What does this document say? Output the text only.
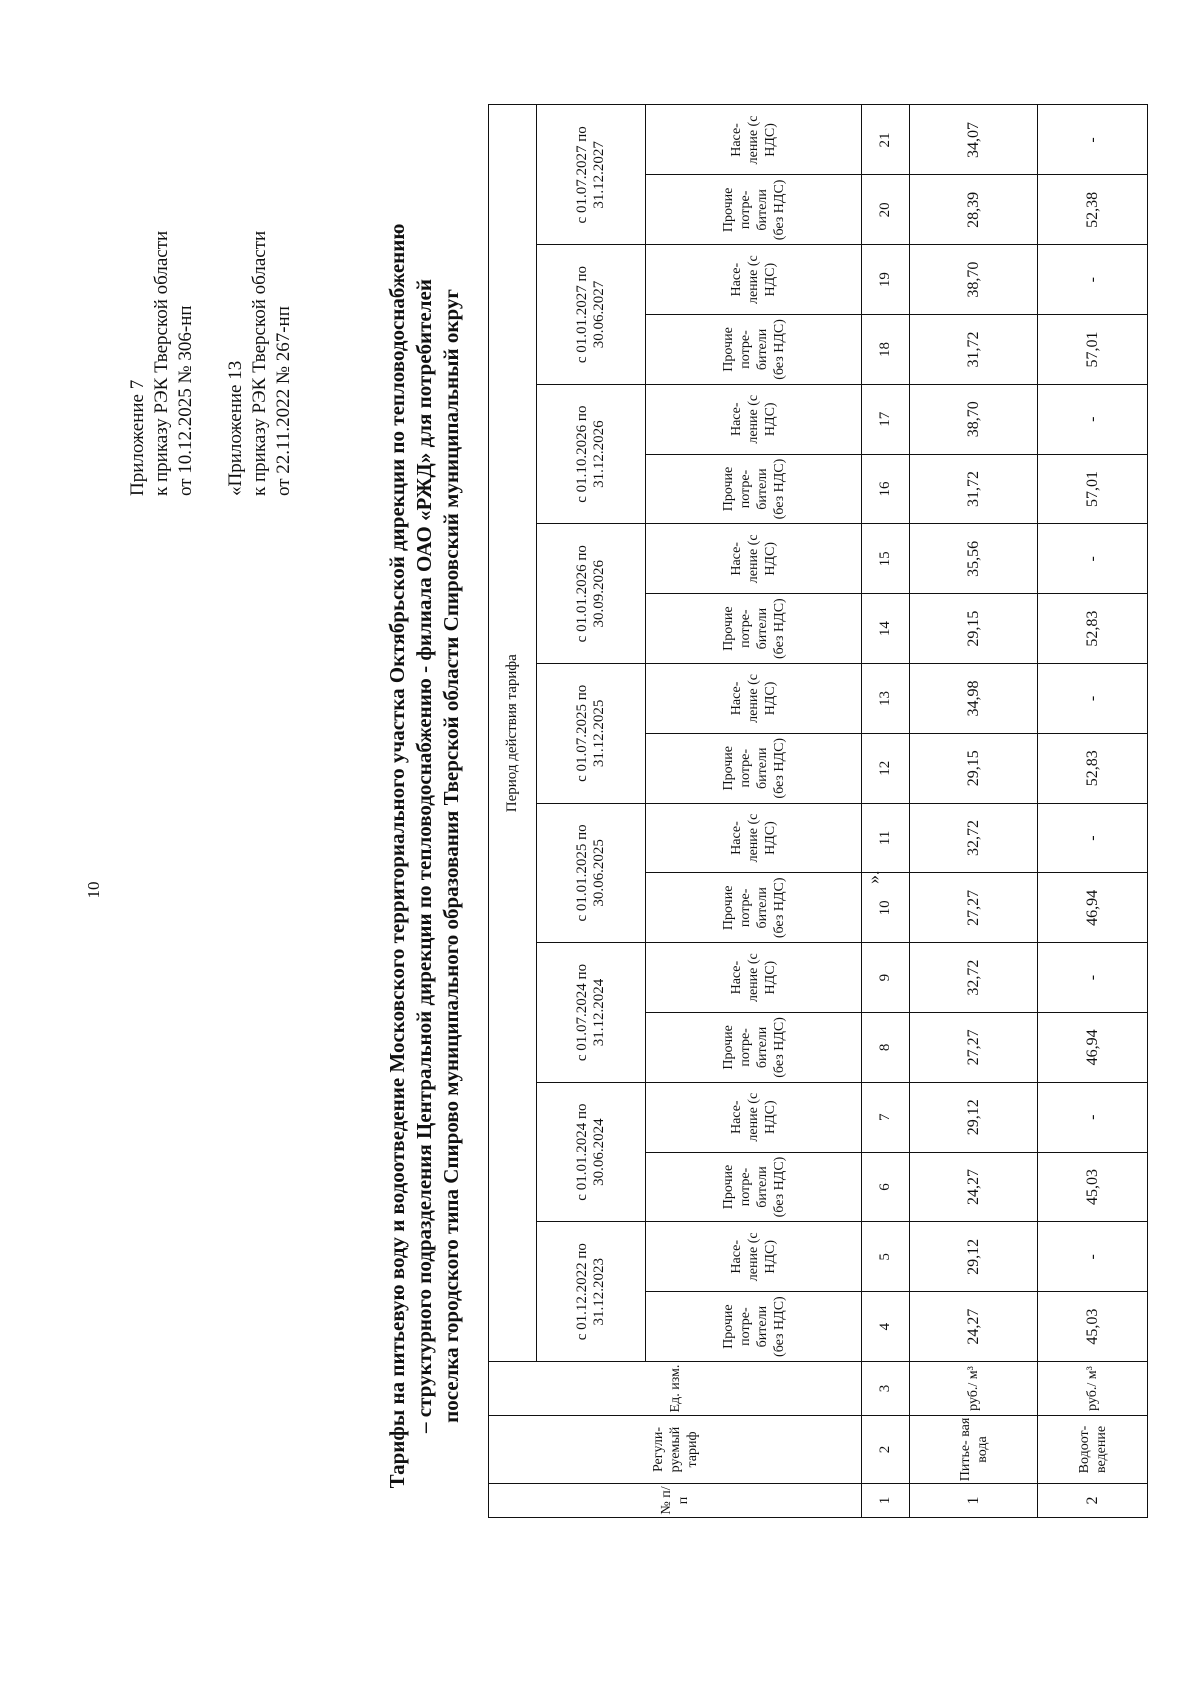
10
Приложение 7 к приказу РЭК Тверской области от 10.12.2025 № 306-нп «Приложение 13 к приказу РЭК Тверской области от 22.11.2022 № 267-нп	Тарифы на питьевую воду и водоотведение Московского территориального участка Октябрьской дирекции по тепловодоснабжению – структурного подразделения Центральной дирекции по тепловодоснабжению - филиала ОАО «РЖД» для потребителей поселка городского типа Спирово муниципального образования Тверской области Спировский муниципальный округ
№ п/ п	Регули- руемый тариф	Ед. изм.	Период действия тарифа																	
			с 01.12.2022 по 31.12.2023		с 01.01.2024 по 30.06.2024		с 01.07.2024 по 31.12.2024		с 01.01.2025 по 30.06.2025		с 01.07.2025 по 31.12.2025		с 01.01.2026 по 30.09.2026		с 01.10.2026 по 31.12.2026		с 01.01.2027 по 30.06.2027		с 01.07.2027 по 31.12.2027	
			Прочие потре- бители (без НДС)	Насе- ление (с НДС)	Прочие потре- бители (без НДС)	Насе- ление (с НДС)	Прочие потре- бители (без НДС)	Насе- ление (с НДС)	Прочие потре- бители (без НДС)	Насе- ление (с НДС)	Прочие потре- бители (без НДС)	Насе- ление (с НДС)	Прочие потре- бители (без НДС)	Насе- ление (с НДС)	Прочие потре- бители (без НДС)	Насе- ление (с НДС)	Прочие потре- бители (без НДС)	Насе- ление (с НДС)	Прочие потре- бители (без НДС)	Насе- ление (с НДС)
1	2	3	4	5	6	7	8	9	10	11	12	13	14	15	16	17	18	19	20	21
1	Питье- вая вода	руб./ м³	24,27	29,12	24,27	29,12	27,27	32,72	27,27	32,72	29,15	34,98	29,15	35,56	31,72	38,70	31,72	38,70	28,39	34,07
2	Водоот- ведение	руб./ м³	45,03	-	45,03	-	46,94	-	46,94	-	52,83	-	52,83	-	57,01	-	57,01	-	52,38	-
».
